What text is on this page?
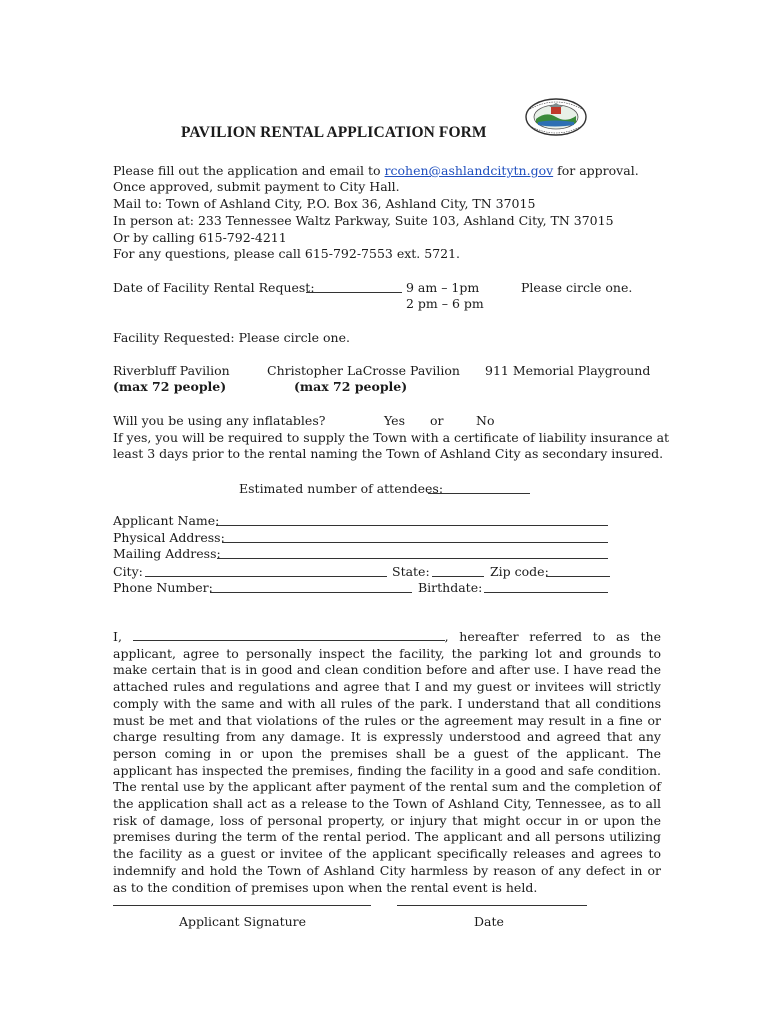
PAVILION RENTAL APPLICATION FORM
Please fill out the application and email to rcohen@ashlandcitytn.gov for approval.
Once approved, submit payment to City Hall.
Mail to: Town of Ashland City, P.O. Box 36, Ashland City, TN 37015
In person at: 233 Tennessee Waltz Parkway, Suite 103, Ashland City, TN 37015
Or by calling 615-792-4211
For any questions, please call 615-792-7553 ext. 5721.
Date of Facility Rental Request:	9 am – 1pm
2 pm – 6 pm
Please circle one.
Facility Requested: Please circle one.
Riverbluff Pavilion
(max 72 people)
Christopher LaCrosse Pavilion
(max 72 people)
911 Memorial Playground
Will you be using any inflatables?	Yes or	No
If yes, you will be required to supply the Town with a certificate of liability insurance at
least 3 days prior to the rental naming the Town of Ashland City as secondary insured.
Estimated number of attendees:
Applicant Name:
Physical Address:
Mailing Address:
City:	State:	Zip code:
Phone Number:	Birthdate:
I,	, hereafter referred to as the applicant, agree to personally inspect the facility, the parking lot and grounds to make certain that is in good and clean condition before and after use. I have read the attached rules and regulations and agree that I and my guest or invitees will strictly comply with the same and with all rules of the park. I understand that all conditions must be met and that violations of the rules or the agreement may result in a fine or charge resulting from any damage. It is expressly understood and agreed that any person coming in or upon the premises shall be a guest of the applicant. The applicant has inspected the premises, finding the facility in a good and safe condition. The rental use by the applicant after payment of the rental sum and the completion of the application shall act as a release to the Town of Ashland City, Tennessee, as to all risk of damage, loss of personal property, or injury that might occur in or upon the premises during the term of the rental period. The applicant and all persons utilizing the facility as a guest or invitee of the applicant specifically releases and agrees to indemnify and hold the Town of Ashland City harmless by reason of any defect in or as to the condition of premises upon when the rental event is held.
Applicant Signature	Date
